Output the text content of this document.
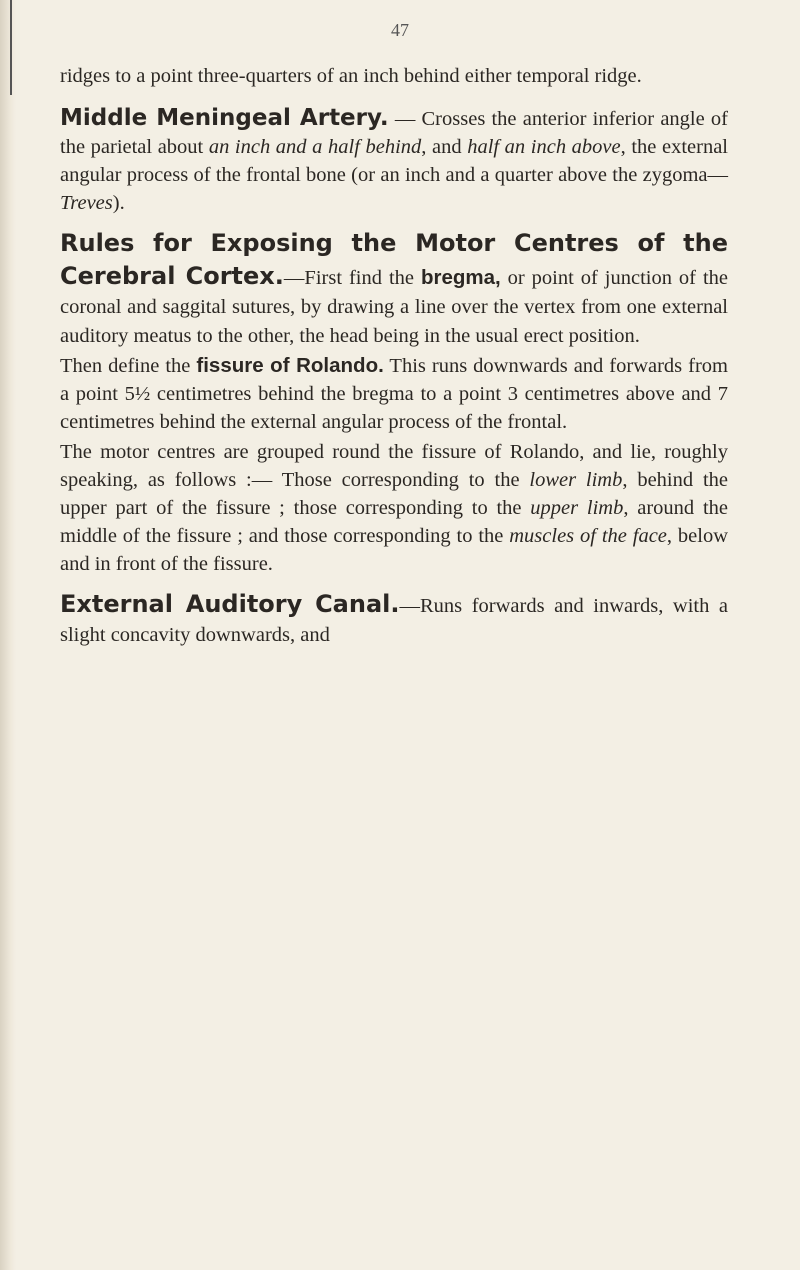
47

ridges to a point three-quarters of an inch behind either temporal ridge.

Middle Meningeal Artery. — Crosses the anterior inferior angle of the parietal about an inch and a half behind, and half an inch above, the external angular process of the frontal bone (or an inch and a quarter above the zygoma—Treves).

Rules for Exposing the Motor Centres of the Cerebral Cortex.—First find the bregma, or point of junction of the coronal and saggital sutures, by drawing a line over the vertex from one external auditory meatus to the other, the head being in the usual erect position.

Then define the fissure of Rolando. This runs downwards and forwards from a point 5½ centimetres behind the bregma to a point 3 centimetres above and 7 centimetres behind the external angular process of the frontal.

The motor centres are grouped round the fissure of Rolando, and lie, roughly speaking, as follows :— Those corresponding to the lower limb, behind the upper part of the fissure ; those corresponding to the upper limb, around the middle of the fissure ; and those corresponding to the muscles of the face, below and in front of the fissure.

External Auditory Canal.—Runs forwards and inwards, with a slight concavity downwards, and
